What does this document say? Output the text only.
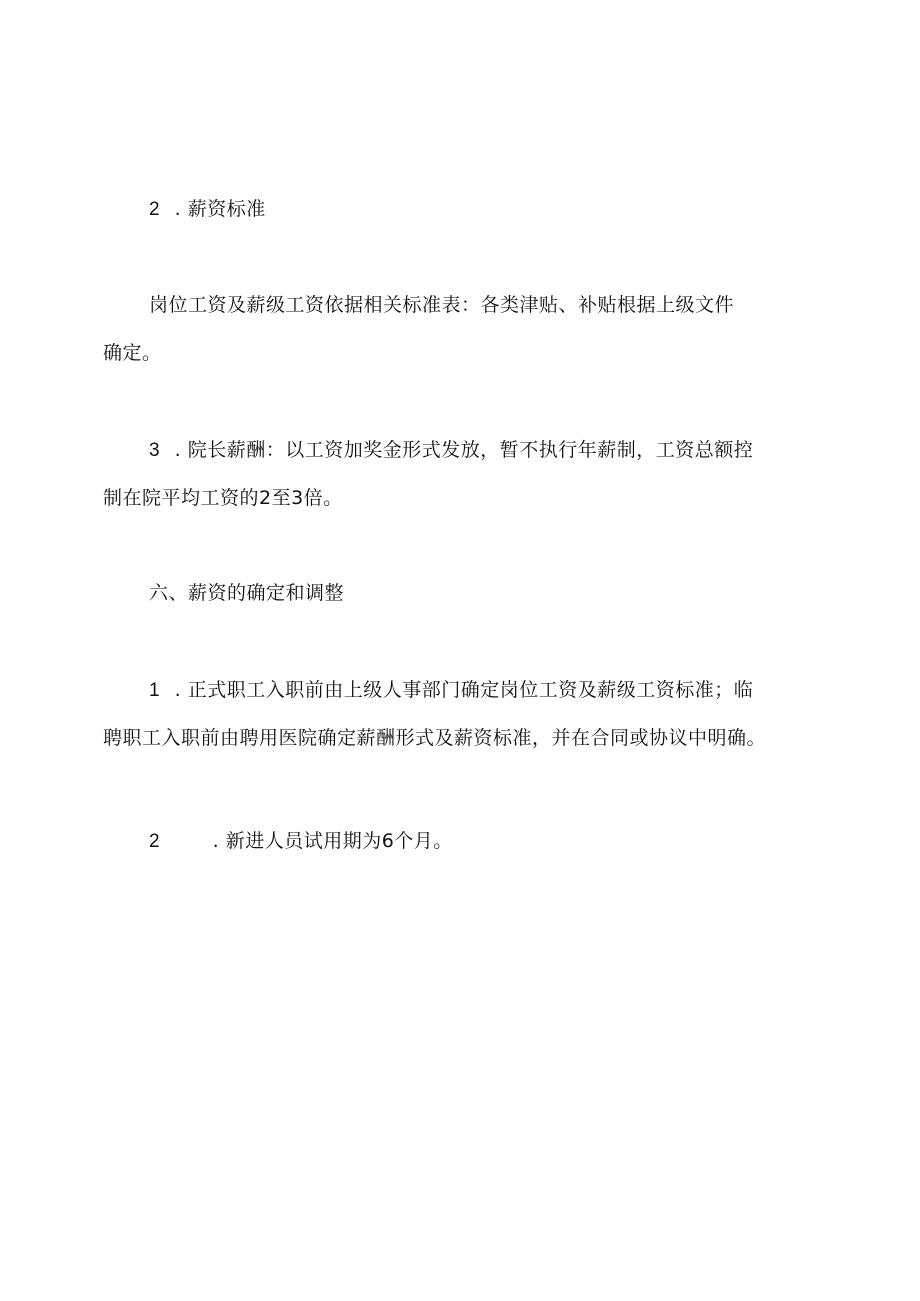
2 . 薪资标准
岗位工资及薪级工资依据相关标准表：各类津贴、补贴根据上级文件
确定。
3 . 院长薪酬：以工资加奖金形式发放，暂不执行年薪制，工资总额控
制在院平均工资的2至3倍。
六、薪资的确定和调整
1 . 正式职工入职前由上级人事部门确定岗位工资及薪级工资标准；临
聘职工入职前由聘用医院确定薪酬形式及薪资标准，并在合同或协议中明确。
2	. 新进人员试用期为6个月。
